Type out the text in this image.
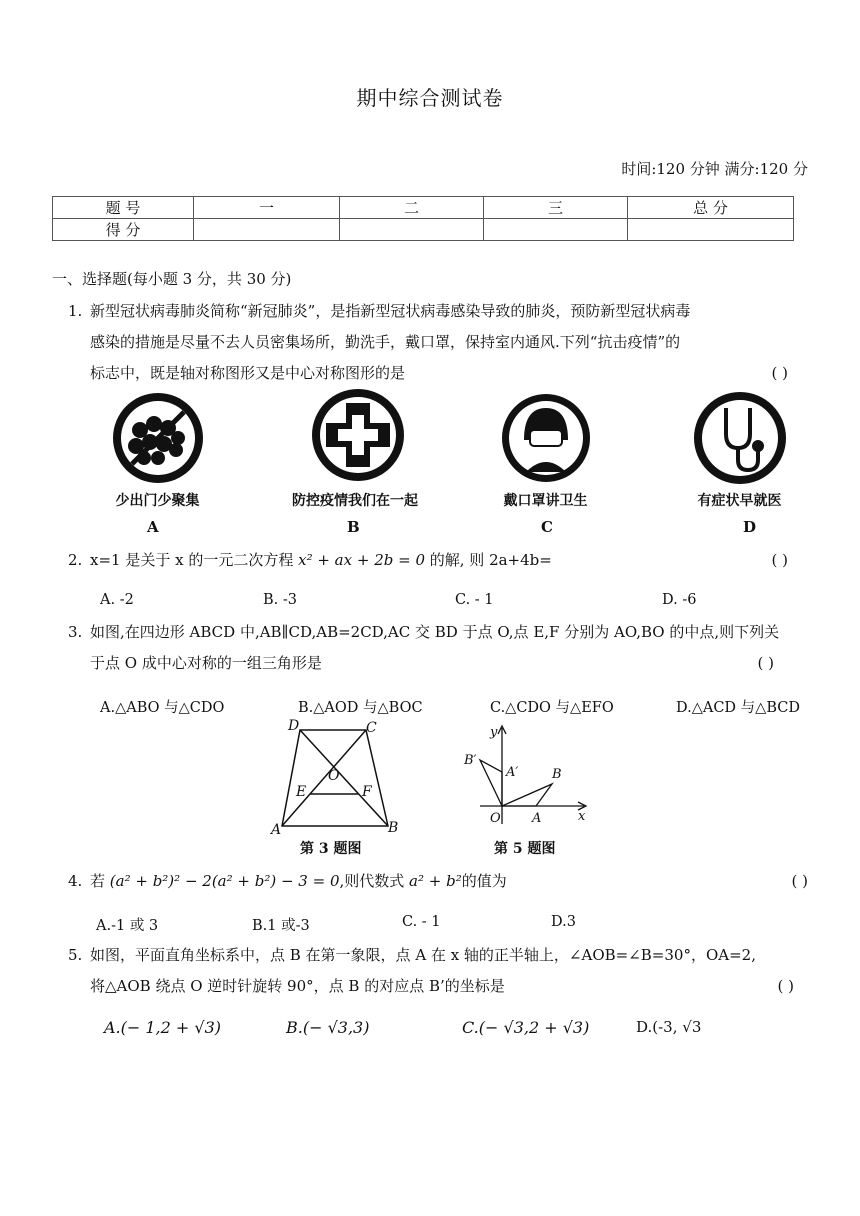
期中综合测试卷
时间:120 分钟 满分:120 分
题 号	一	二	三	总 分
得 分				
一、选择题(每小题 3 分，共 30 分)
1. 新型冠状病毒肺炎简称“新冠肺炎”，是指新型冠状病毒感染导致的肺炎，预防新型冠状病毒
感染的措施是尽量不去人员密集场所，勤洗手，戴口罩，保持室内通风.下列“抗击疫情”的
标志中，既是轴对称图形又是中心对称图形的是	( )
少出门少聚集	防控疫情我们在一起	戴口罩讲卫生	有症状早就医
A	B	C	D
2. x=1 是关于 x 的一元二次方程 x² + ax + 2b = 0 的解, 则 2a+4b=	( )
A. -2	B. -3	C. - 1	D. -6
3. 如图,在四边形 ABCD 中,AB∥CD,AB=2CD,AC 交 BD 于点 O,点 E,F 分别为 AO,BO 的中点,则下列关
于点 O 成中心对称的一组三角形是	( )
A.△ABO 与△CDO	B.△AOD 与△BOC	C.△CDO 与△EFO	D.△ACD 与△BCD
D	C
O
E	F
A	B
第 3 题图
y
B′
A′	B
O A	x
第 5 题图
4. 若 (a² + b²)² − 2(a² + b²) − 3 = 0,则代数式 a² + b²的值为	( )
A.-1 或 3	B.1 或-3	C. - 1	D.3
5. 如图，平面直角坐标系中，点 B 在第一象限，点 A 在 x 轴的正半轴上，∠AOB=∠B=30°，OA=2,
将△AOB 绕点 O 逆时针旋转 90°，点 B 的对应点 B’的坐标是	( )
A.(− 1,2 + √3)	B.(− √3,3)	C.(− √3,2 + √3)	D.(-3, √3
